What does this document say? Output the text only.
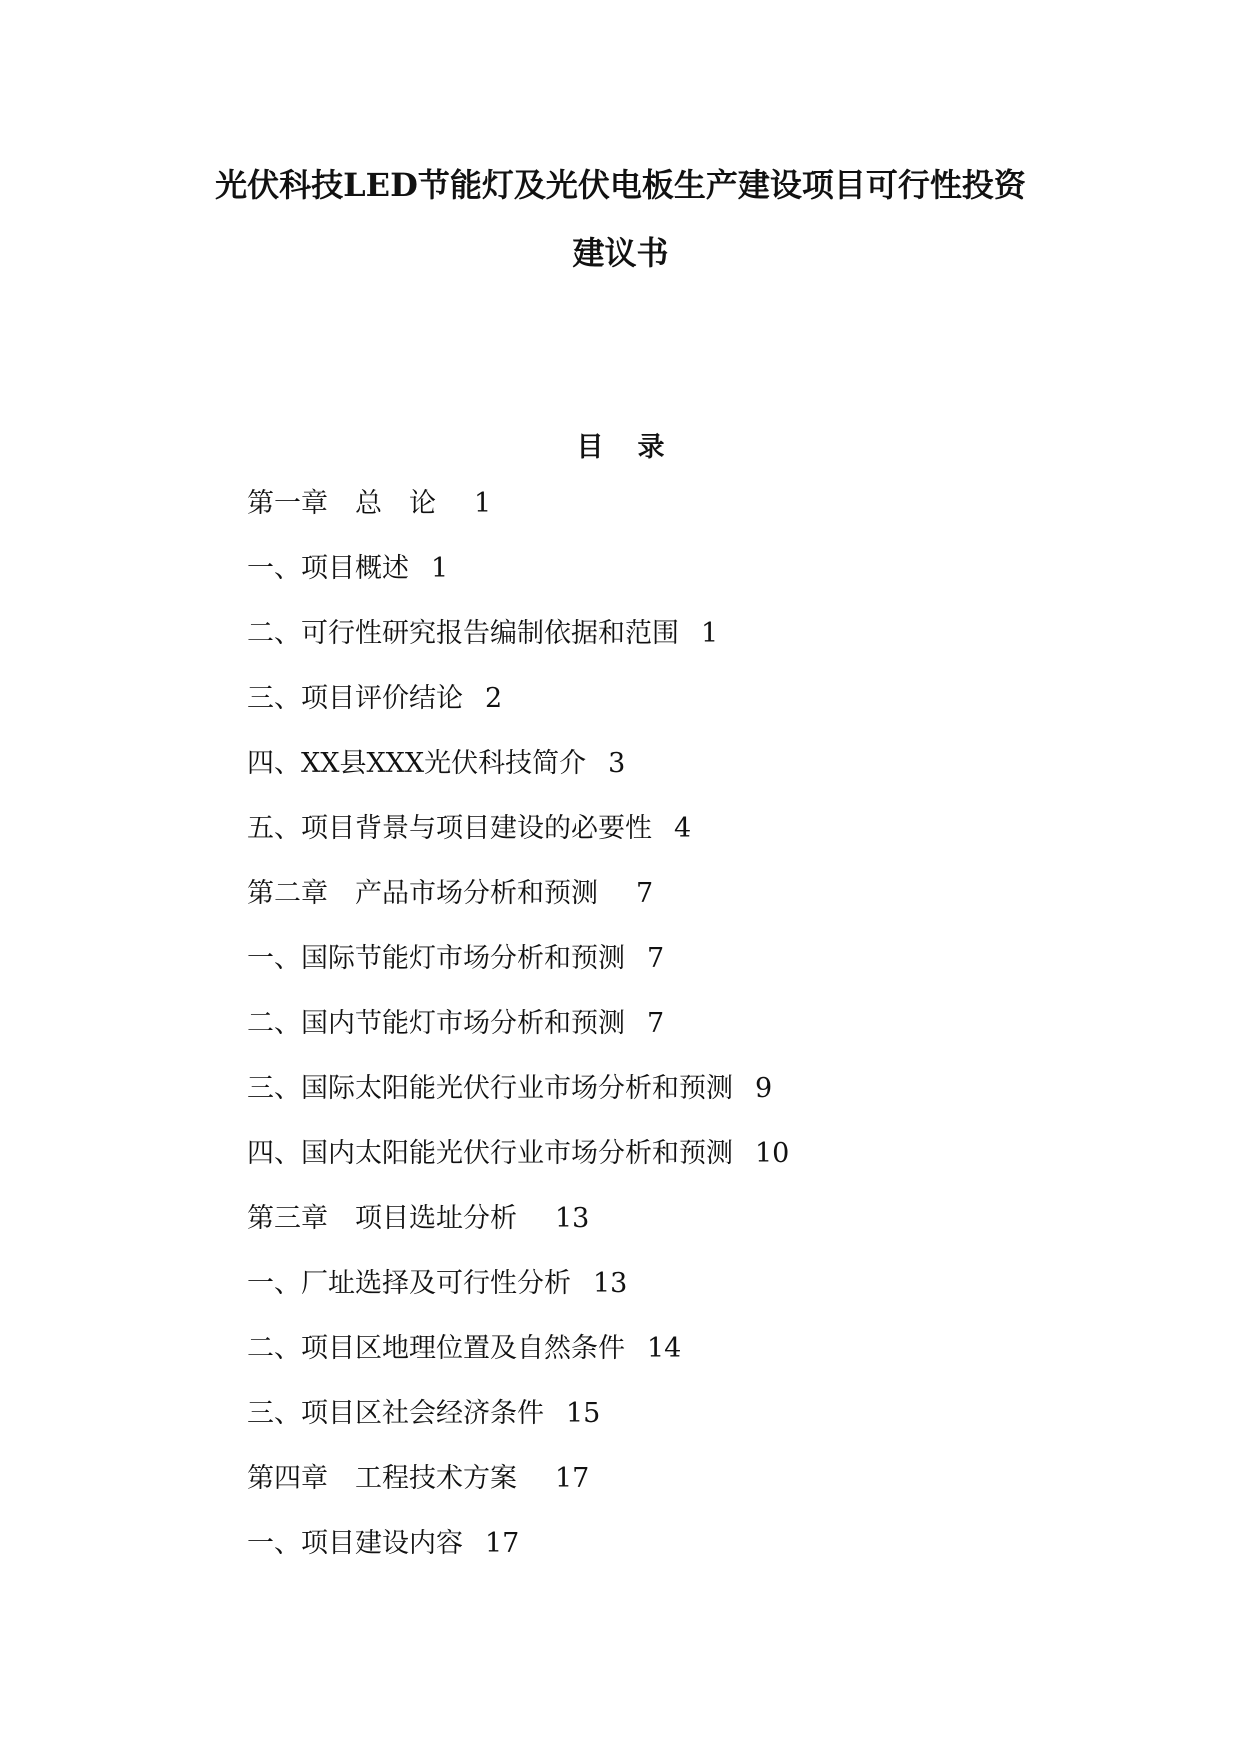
光伏科技LED节能灯及光伏电板生产建设项目可行性投资
建议书
目 录
第一章　总　论 1
一、项目概述 1
二、可行性研究报告编制依据和范围 1
三、项目评价结论 2
四、XX县XXX光伏科技简介 3
五、项目背景与项目建设的必要性 4
第二章　产品市场分析和预测 7
一、国际节能灯市场分析和预测 7
二、国内节能灯市场分析和预测 7
三、国际太阳能光伏行业市场分析和预测 9
四、国内太阳能光伏行业市场分析和预测 10
第三章　项目选址分析 13
一、厂址选择及可行性分析 13
二、项目区地理位置及自然条件 14
三、项目区社会经济条件 15
第四章　工程技术方案 17
一、项目建设内容 17
